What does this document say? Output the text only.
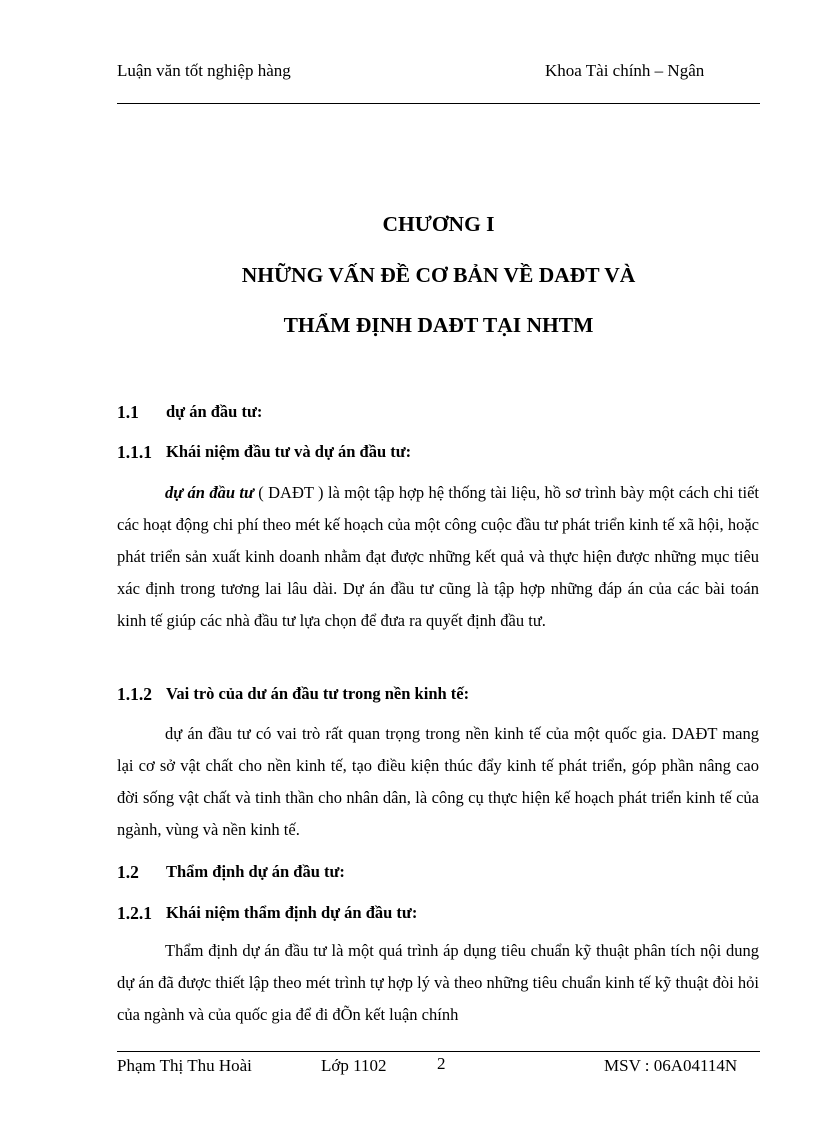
Luận văn tốt nghiệp hàng	Khoa Tài chính – Ngân
CHƯƠNG I
NHỮNG VẤN ĐỀ CƠ BẢN VỀ DAĐT VÀ
THẨM ĐỊNH DAĐT TẠI NHTM
1.1 dự án đầu tư:
1.1.1 Khái niệm đầu tư và dự án đầu tư:

dự án đầu tư ( DAĐT ) là một tập hợp hệ thống tài liệu, hồ sơ trình bày một cách chi tiết các hoạt động chi phí theo mét kế hoạch của một công cuộc đầu tư phát triển kinh tế xã hội, hoặc phát triển sản xuất kinh doanh nhằm đạt được những kết quả và thực hiện được những mục tiêu xác định trong tương lai lâu dài. Dự án đầu tư cũng là tập hợp những đáp án của các bài toán kinh tế giúp các nhà đầu tư lựa chọn để đưa ra quyết định đầu tư.

1.1.2 Vai trò của dư án đầu tư trong nền kinh tế:

dự án đầu tư có vai trò rất quan trọng trong nền kinh tế của một quốc gia. DAĐT mang lại cơ sở vật chất cho nền kinh tế, tạo điều kiện thúc đẩy kinh tế phát triển, góp phần nâng cao đời sống vật chất và tinh thần cho nhân dân, là công cụ thực hiện kế hoạch phát triển kinh tế của ngành, vùng và nền kinh tế.

1.2 Thẩm định dự án đầu tư:
1.2.1 Khái niệm thẩm định dự án đầu tư:

Thẩm định dự án đầu tư là một quá trình áp dụng tiêu chuẩn kỹ thuật phân tích nội dung dự án đã được thiết lập theo mét trình tự hợp lý và theo những tiêu chuẩn kinh tế kỹ thuật đòi hỏi của ngành và của quốc gia để đi đÕn kết luận chính

Phạm Thị Thu Hoài	Lớp 1102	2	MSV : 06A04114N
